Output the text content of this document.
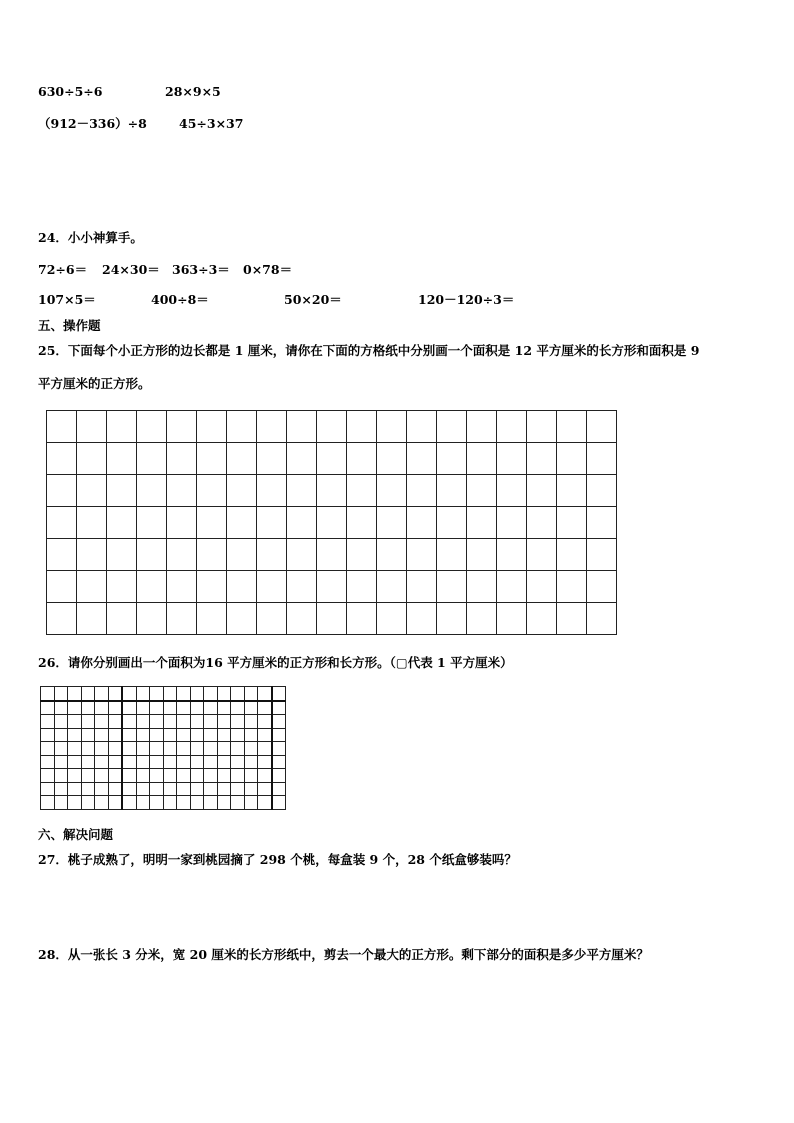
630÷5÷6	28×9×5
（912－336）÷8	45÷3×37
24．小小神算手。
72÷6＝ 24×30＝ 363÷3＝ 0×78＝
107×5＝	400÷8＝	50×20＝	120－120÷3＝
五、操作题
25．下面每个小正方形的边长都是 1 厘米，请你在下面的方格纸中分别画一个面积是 12 平方厘米的长方形和面积是 9
平方厘米的正方形。

26．请你分别画出一个面积为16 平方厘米的正方形和长方形。（▢代表 1 平方厘米）

六、解决问题
27．桃子成熟了，明明一家到桃园摘了 298 个桃，每盒装 9 个，28 个纸盒够装吗？
28．从一张长 3 分米，宽 20 厘米的长方形纸中，剪去一个最大的正方形。剩下部分的面积是多少平方厘米？
